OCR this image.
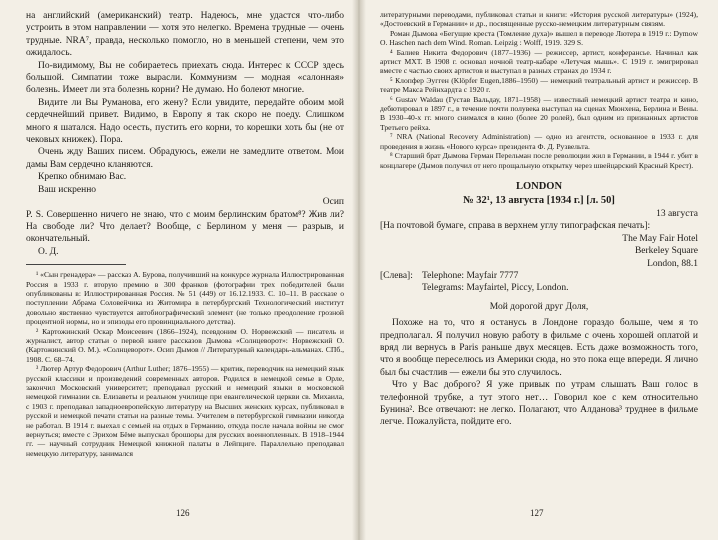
на английский (американский) театр. Надеюсь, мне удастся что-либо устроить в этом направлении — хотя это нелегко. Времена трудные — очень трудные. NRA⁷, правда, несколько помогло, но в меньшей степени, чем это ожидалось.

По-видимому, Вы не собираетесь приехать сюда. Интерес к СССР здесь большой. Симпатии тоже вырасли. Коммунизм — модная «салонная» болезнь. Имеет ли эта болезнь корни? Не думаю. Но болеют многие.

Видите ли Вы Руманова, его жену? Если увидите, передайте обоим мой сердечнейший привет. Видимо, в Европу я так скоро не поеду. Слишком много я шатался. Надо осесть, пустить его корни, то корешки хоть бы (не от чековых книжек). Пора.

Очень жду Ваших писем. Обрадуюсь, ежели не замедлите ответом. Мои дамы Вам сердечно кланяются.

Крепко обнимаю Вас.

Ваш искренно

Осип

P. S. Совершенно ничего не знаю, что с моим берлинским братом⁸? Жив ли? На свободе ли? Что делает? Вообще, с Берлином у меня — разрыв, и окончательный.

О. Д.

¹ «Сын гренадера» — рассказ А. Бурова, получивший на конкурсе журнала Иллюстрированная Россия в 1933 г. вторую премию в 300 франков (фотографии трех победителей были опубликованы в: Иллюстрированная Россия. № 51 (449) от 16.12.1933. С. 10–11. В рассказе о поступлении Абрама Соловейчика из Житомира в петербургский Технологический институт довольно явственно чувствуется автобиографический элемент (не только преодоление грозной процентной нормы, но и эпизоды его провинциального детства).

² Картожинский Оскар Моисеевич (1866–1924), псевдоним О. Норвежский — писатель и журналист, автор статьи о первой книге рассказов Дымова «Солнцеворот»: Норвежский О. (Картожинский О. М.). «Солнцеворот». Осип Дымов // Литературный календарь-альманах. СПб., 1908. С. 68–74.

³ Лютер Артур Федорович (Arthur Luther; 1876–1955) — критик, переводчик на немецкий язык русской классики и произведений современных авторов. Родился в немецкой семье в Орле, закончил Московский университет; преподавал русский и немецкий языки в московской немецкой гимназии св. Елизаветы и реальном училище при евангелической церкви св. Михаила, с 1903 г. преподавал западноевропейскую литературу на Высших женских курсах, публиковал в русской и немецкой печати статьи на разные темы. Учителем в петербургской гимназии никогда не работал. В 1914 г. выехал с семьей на отдых в Германию, откуда после начала войны не смог вернуться; вместе с Эрихом Бёме выпускал брошюры для русских военнопленных. В 1918–1944 гг. — научный сотрудник Немецкой книжной палаты в Лейпциге. Параллельно преподавал немецкую литературу, занимался

126

литературными переводами, публиковал статьи и книги: «История русской литературы» (1924), «Достоевский в Германии» и др., посвященные русско-немецким литературным связям.

Роман Дымова «Бегущие креста (Томление духа)» вышел в переводе Лютера в 1919 г.: Dymow O. Haschen nach dem Wind. Roman. Leipzig : Wolff, 1919. 329 S.

⁴ Балиев Никита Федорович (1877–1936) — режиссер, артист, конферансье. Начинал как артист МХТ. В 1908 г. основал ночной театр-кабаре «Летучая мышь». С 1919 г. эмигрировал вместе с частью своих артистов и выступал в разных странах до 1934 г.

⁵ Клопфер Эугген (Klöpfer Eugen,1886–1950) — немецкий театральный артист и режиссер. В театре Макса Рейнхардта с 1920 г.

⁶ Gustav Waldau (Густав Вальдау, 1871–1958) — известный немецкий артист театра и кино, дебютировал в 1897 г., в течение почти полувека выступал на сценах Мюнхена, Берлина и Вены. В 1930–40-х гг. много снимался в кино (более 20 ролей), был одним из признанных артистов Третьего рейха.

⁷ NRA (National Recovery Administration) — одно из агентств, основанное в 1933 г. для проведения в жизнь «Нового курса» президента Ф. Д. Рузвельта.

⁸ Старший брат Дымова Герман Перельман после революции жил в Германии, в 1944 г. убит в концлагере (Дымов получил от него прощальную открытку через швейцарский Красный Крест).

LONDON
№ 32¹, 13 августа [1934 г.] [л. 50]
13 августа
[На почтовой бумаге, справа в верхнем углу типографская печать]:
The May Fair Hotel
Berkeley Square
London, 88.1
[Слева]: Telephone: Mayfair 7777
Telegrams: Mayfairtel, Piccy, London.
Мой дорогой друг Доля,

Похоже на то, что я останусь в Лондоне гораздо больше, чем я то предполагал. Я получил новую работу в фильме с очень хорошей оплатой и вряд ли вернусь в Paris раньше двух месяцев. Есть даже возможность того, что я вообще переселюсь из Америки сюда, но это пока еще впереди. Я лично был бы счастлив — ежели бы это случилось.

Что у Вас доброго? Я уже привык по утрам слышать Ваш голос в телефонной трубке, а тут этого нет… Говорил кое с кем относительно Бунина². Все отвечают: не легко. Полагают, что Алданова³ труднее в фильме легче. Пожалуйста, пойдите его.

127
